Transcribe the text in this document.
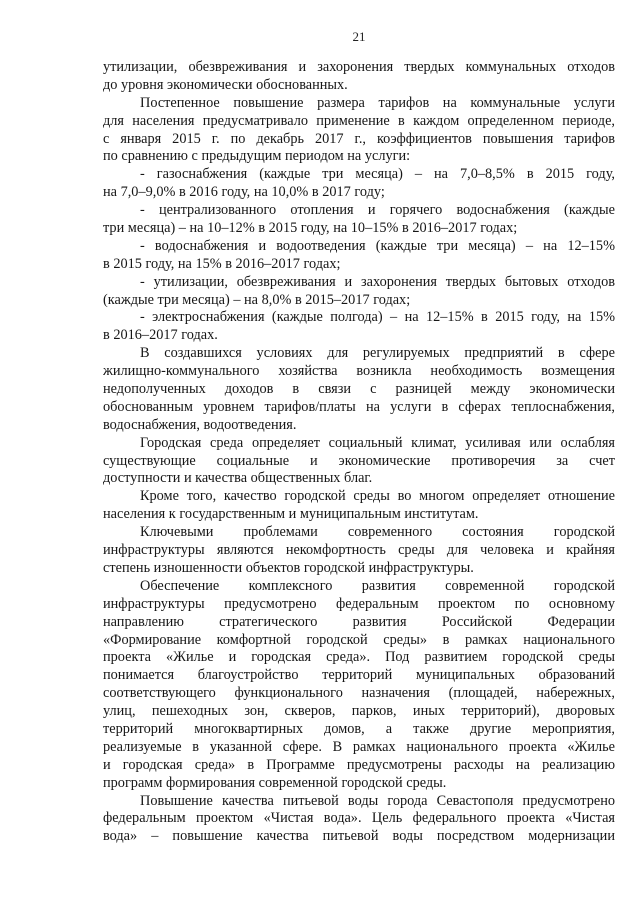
21
утилизации, обезвреживания и захоронения твердых коммунальных отходов
до уровня экономически обоснованных.
Постепенное повышение размера тарифов на коммунальные услуги
для населения предусматривало применение в каждом определенном периоде,
с января 2015 г. по декабрь 2017 г., коэффициентов повышения тарифов
по сравнению с предыдущим периодом на услуги:
- газоснабжения (каждые три месяца) – на 7,0–8,5% в 2015 году,
на 7,0–9,0% в 2016 году, на 10,0% в 2017 году;
- централизованного отопления и горячего водоснабжения (каждые
три месяца) – на 10–12% в 2015 году, на 10–15% в 2016–2017 годах;
- водоснабжения и водоотведения (каждые три месяца) – на 12–15%
в 2015 году, на 15% в 2016–2017 годах;
- утилизации, обезвреживания и захоронения твердых бытовых отходов
(каждые три месяца) – на 8,0% в 2015–2017 годах;
- электроснабжения (каждые полгода) – на 12–15% в 2015 году, на 15%
в 2016–2017 годах.
В создавшихся условиях для регулируемых предприятий в сфере
жилищно-коммунального хозяйства возникла необходимость возмещения
недополученных доходов в связи с разницей между экономически
обоснованным уровнем тарифов/платы на услуги в сферах теплоснабжения,
водоснабжения, водоотведения.
Городская среда определяет социальный климат, усиливая или ослабляя
существующие социальные и экономические противоречия за счет
доступности и качества общественных благ.
Кроме того, качество городской среды во многом определяет отношение
населения к государственным и муниципальным институтам.
Ключевыми проблемами современного состояния городской
инфраструктуры являются некомфортность среды для человека и крайняя
степень изношенности объектов городской инфраструктуры.
Обеспечение комплексного развития современной городской
инфраструктуры предусмотрено федеральным проектом по основному
направлению стратегического развития Российской Федерации
«Формирование комфортной городской среды» в рамках национального
проекта «Жилье и городская среда». Под развитием городской среды
понимается благоустройство территорий муниципальных образований
соответствующего функционального назначения (площадей, набережных,
улиц, пешеходных зон, скверов, парков, иных территорий), дворовых
территорий многоквартирных домов, а также другие мероприятия,
реализуемые в указанной сфере. В рамках национального проекта «Жилье
и городская среда» в Программе предусмотрены расходы на реализацию
программ формирования современной городской среды.
Повышение качества питьевой воды города Севастополя предусмотрено
федеральным проектом «Чистая вода». Цель федерального проекта «Чистая
вода» – повышение качества питьевой воды посредством модернизации
